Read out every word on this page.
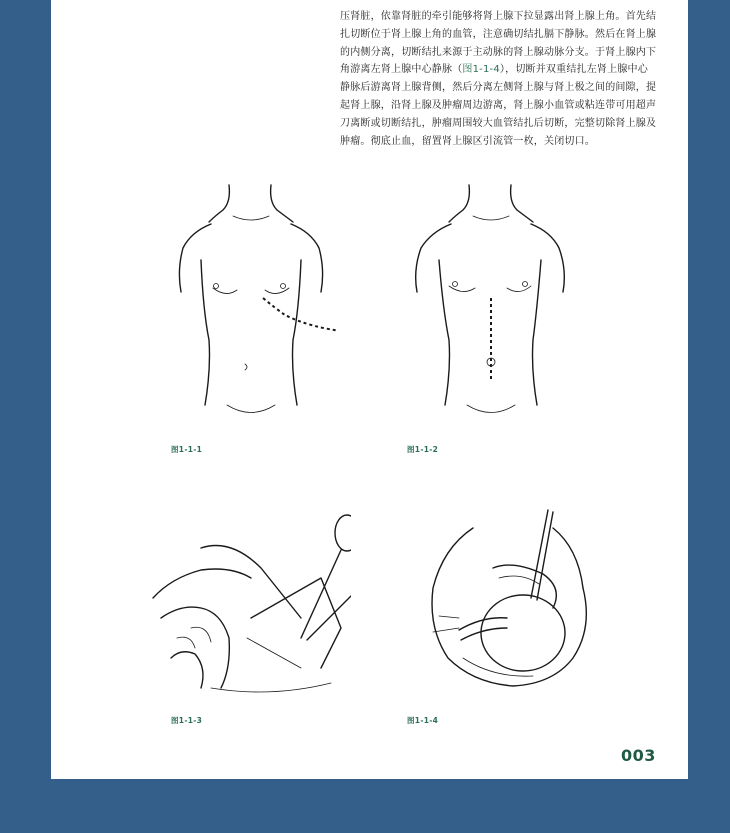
压肾脏，依靠肾脏的牵引能够将肾上腺下拉显露出肾上腺上角。首先结扎切断位于肾上腺上角的血管，注意确切结扎膈下静脉。然后在肾上腺的内侧分离，切断结扎来源于主动脉的肾上腺动脉分支。于肾上腺内下角游离左肾上腺中心静脉（图1-1-4），切断并双重结扎左肾上腺中心静脉后游离肾上腺背侧，然后分离左侧肾上腺与肾上极之间的间隙，提起肾上腺，沿肾上腺及肿瘤周边游离，肾上腺小血管或粘连带可用超声刀离断或切断结扎，肿瘤周围较大血管结扎后切断，完整切除肾上腺及肿瘤。彻底止血，留置肾上腺区引流管一枚，关闭切口。

图1-1-1	图1-1-2
图1-1-3	图1-1-4
003
